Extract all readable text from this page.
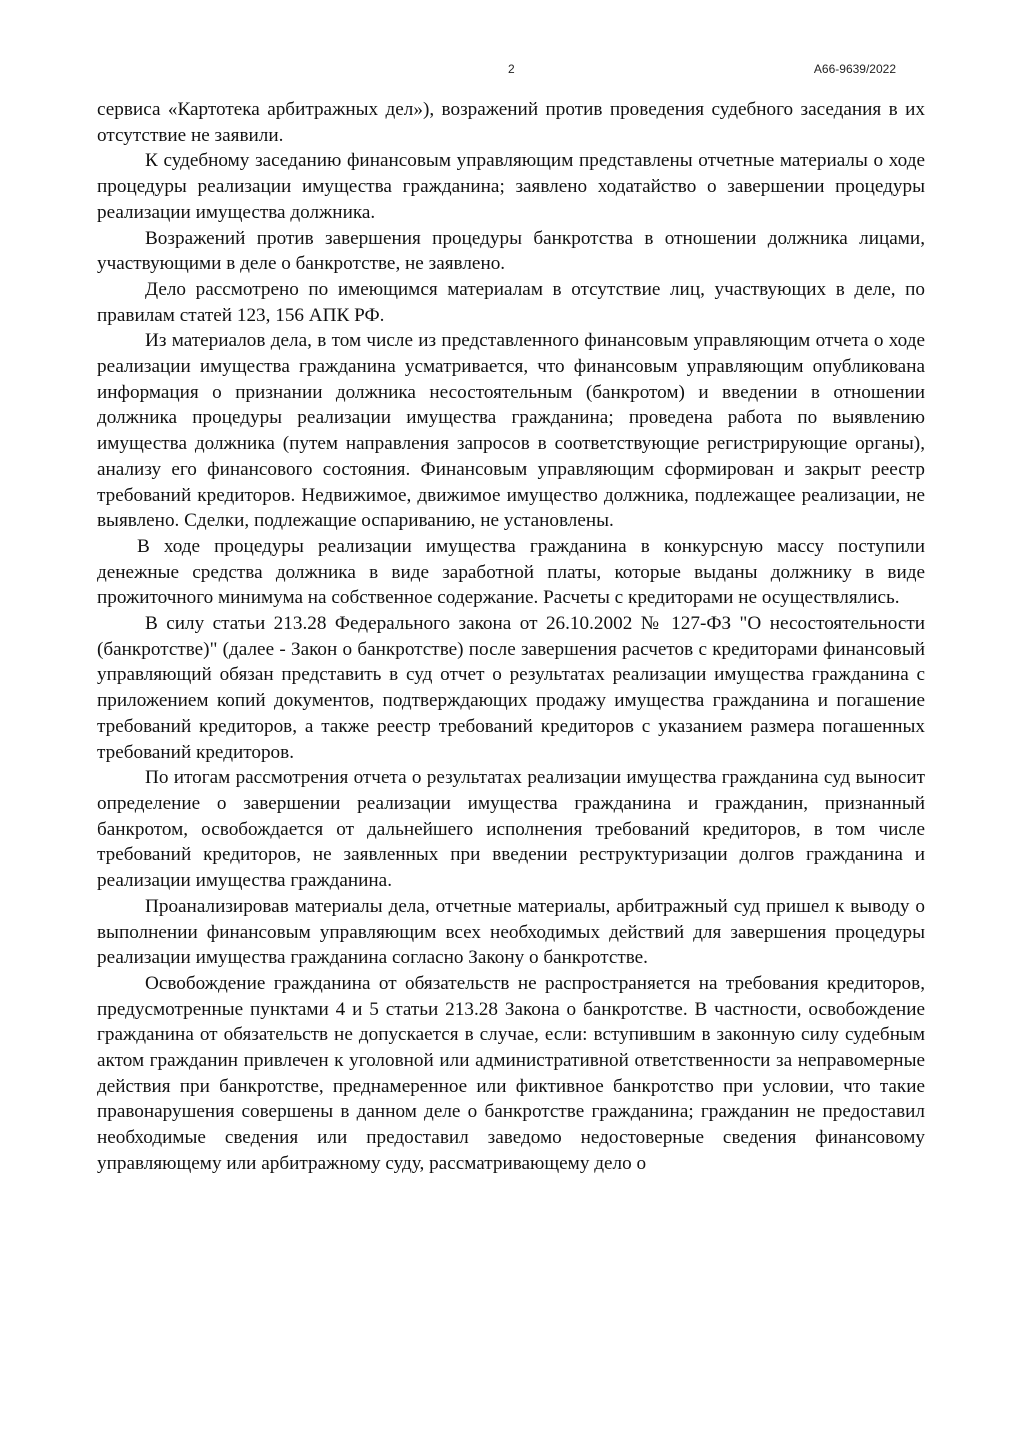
2	А66-9639/2022

сервиса «Картотека арбитражных дел»), возражений против проведения судебного заседания в их отсутствие не заявили.

К судебному заседанию финансовым управляющим представлены отчетные материалы о ходе процедуры реализации имущества гражданина; заявлено ходатайство о завершении процедуры реализации имущества должника.

Возражений против завершения процедуры банкротства в отношении должника лицами, участвующими в деле о банкротстве, не заявлено.

Дело рассмотрено по имеющимся материалам в отсутствие лиц, участвующих в деле, по правилам статей 123, 156 АПК РФ.

Из материалов дела, в том числе из представленного финансовым управляющим отчета о ходе реализации имущества гражданина усматривается, что финансовым управляющим опубликована информация о признании должника несостоятельным (банкротом) и введении в отношении должника процедуры реализации имущества гражданина; проведена работа по выявлению имущества должника (путем направления запросов в соответствующие регистрирующие органы), анализу его финансового состояния. Финансовым управляющим сформирован и закрыт реестр требований кредиторов. Недвижимое, движимое имущество должника, подлежащее реализации, не выявлено. Сделки, подлежащие оспариванию, не установлены.

В ходе процедуры реализации имущества гражданина в конкурсную массу поступили денежные средства должника в виде заработной платы, которые выданы должнику в виде прожиточного минимума на собственное содержание. Расчеты с кредиторами не осуществлялись.

В силу статьи 213.28 Федерального закона от 26.10.2002 № 127-ФЗ "О несостоятельности (банкротстве)" (далее - Закон о банкротстве) после завершения расчетов с кредиторами финансовый управляющий обязан представить в суд отчет о результатах реализации имущества гражданина с приложением копий документов, подтверждающих продажу имущества гражданина и погашение требований кредиторов, а также реестр требований кредиторов с указанием размера погашенных требований кредиторов.

По итогам рассмотрения отчета о результатах реализации имущества гражданина суд выносит определение о завершении реализации имущества гражданина и гражданин, признанный банкротом, освобождается от дальнейшего исполнения требований кредиторов, в том числе требований кредиторов, не заявленных при введении реструктуризации долгов гражданина и реализации имущества гражданина.

Проанализировав материалы дела, отчетные материалы, арбитражный суд пришел к выводу о выполнении финансовым управляющим всех необходимых действий для завершения процедуры реализации имущества гражданина согласно Закону о банкротстве.

Освобождение гражданина от обязательств не распространяется на требования кредиторов, предусмотренные пунктами 4 и 5 статьи 213.28 Закона о банкротстве. В частности, освобождение гражданина от обязательств не допускается в случае, если: вступившим в законную силу судебным актом гражданин привлечен к уголовной или административной ответственности за неправомерные действия при банкротстве, преднамеренное или фиктивное банкротство при условии, что такие правонарушения совершены в данном деле о банкротстве гражданина; гражданин не предоставил необходимые сведения или предоставил заведомо недостоверные сведения финансовому управляющему или арбитражному суду, рассматривающему дело о
